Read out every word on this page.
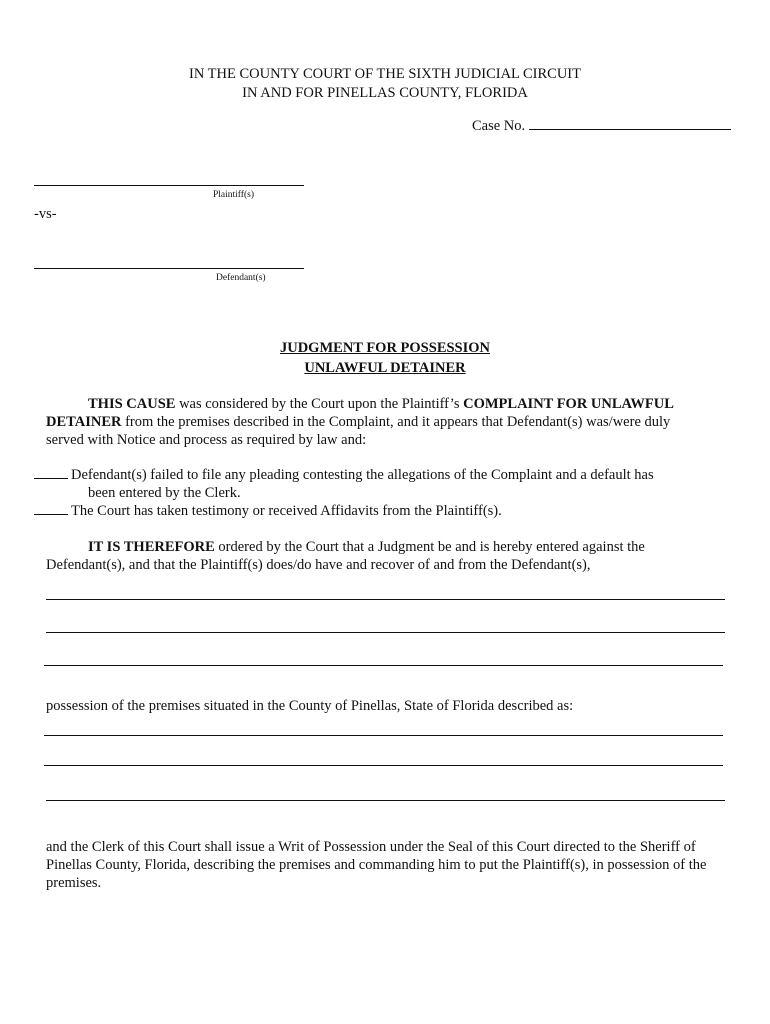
IN THE COUNTY COURT OF THE SIXTH JUDICIAL CIRCUIT
IN AND FOR PINELLAS COUNTY, FLORIDA
Case No.
Plaintiff(s)
-vs-
Defendant(s)
JUDGMENT FOR POSSESSION
UNLAWFUL DETAINER
THIS CAUSE was considered by the Court upon the Plaintiff’s COMPLAINT FOR UNLAWFUL
DETAINER from the premises described in the Complaint, and it appears that Defendant(s) was/were duly
served with Notice and process as required by law and:
Defendant(s) failed to file any pleading contesting the allegations of the Complaint and a default has
been entered by the Clerk.
The Court has taken testimony or received Affidavits from the Plaintiff(s).
IT IS THEREFORE ordered by the Court that a Judgment be and is hereby entered against the
Defendant(s), and that the Plaintiff(s) does/do have and recover of and from the Defendant(s),
possession of the premises situated in the County of Pinellas, State of Florida described as:
and the Clerk of this Court shall issue a Writ of Possession under the Seal of this Court directed to the Sheriff of
Pinellas County, Florida, describing the premises and commanding him to put the Plaintiff(s), in possession of the
premises.
